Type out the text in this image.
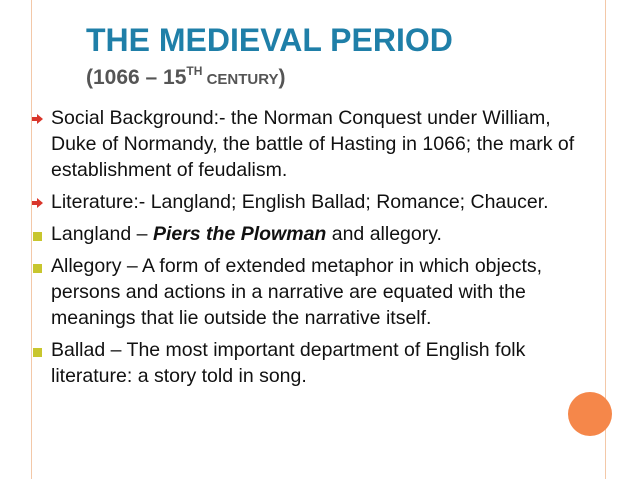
THE MEDIEVAL PERIOD
(1066 – 15TH CENTURY)
Social Background:- the Norman Conquest under William, Duke of Normandy, the battle of Hasting in 1066; the mark of establishment of feudalism.
Literature:- Langland; English Ballad; Romance; Chaucer.
Langland – Piers the Plowman and allegory.
Allegory – A form of extended metaphor in which objects, persons and actions in a narrative are equated with the meanings that lie outside the narrative itself.
Ballad – The most important department of English folk literature: a story told in song.
